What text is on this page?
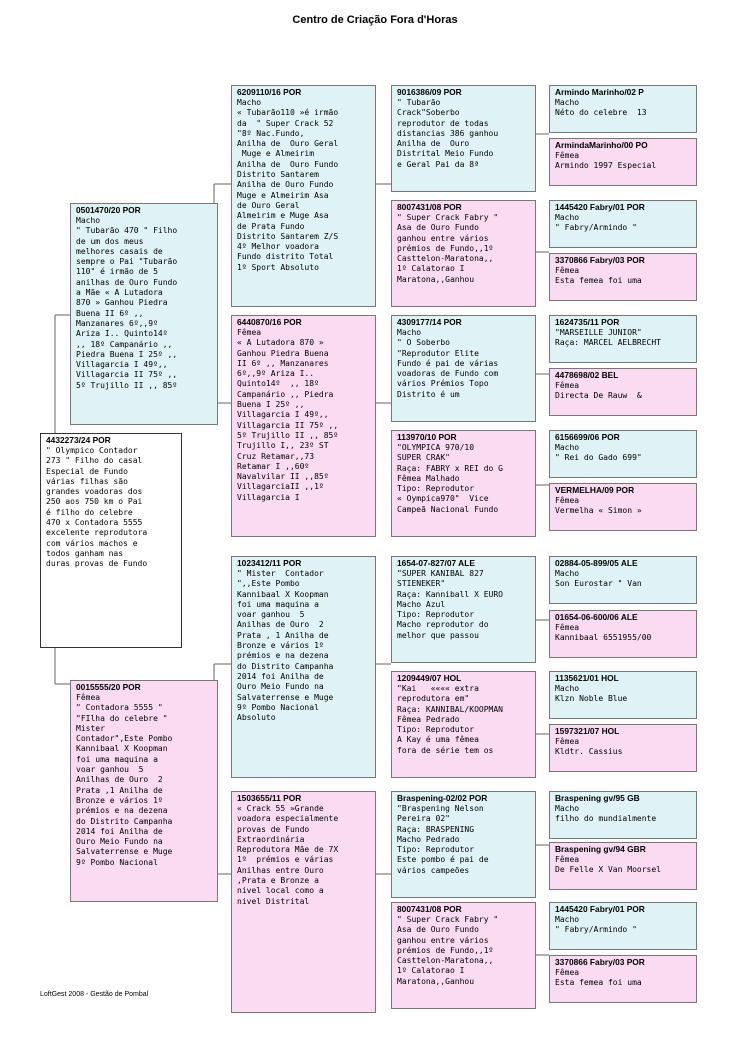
Centro de Criação Fora d'Horas
4432273/24 POR
" Olympico Contador
273 " Filho do casal
Especial de Fundo
várias filhas são
grandes voadoras dos
250 aos 750 km o Pai
é filho do celebre
470 x Contadora 5555
excelente reprodutora
com vários machos e
todos ganham nas
duras provas de Fundo
0501470/20 POR
Macho
" Tubarão 470 " Filho
de um dos meus
melhores casais de
sempre o Pai "Tubarão
110" é irmão de 5
anilhas de Ouro Fundo
a Mãe « A Lutadora
870 » Ganhou Piedra
Buena II 6º ,,
Manzanares 6º,,9º
Ariza I.. Quinto14º
,, 18º Campanário ,,
Piedra Buena I 25º ,,
Villagarcia I 49º,,
Villagarcia II 75º ,,
5º Trujillo II ,, 85º
0015555/20 POR
Fêmea
" Contadora 5555 "
"FIlha do celebre "
Mister
Contador",Este Pombo
Kannibaal X Koopman
foi uma maquina a
voar ganhou  5
Anilhas de Ouro  2
Prata ,1 Anilha de
Bronze e vários 1º
prémios e na dezena
do Distrito Campanha
2014 foi Anilha de
Ouro Meio Fundo na
Salvaterrense e Muge
9º Pombo Nacional
6209110/16 POR
Macho
« Tubarão110 »é irmão
da  " Super Crack 52
"8º Nac.Fundo,
Anilha de  Ouro Geral
Muge e Almeirim
Anilha de  Ouro Fundo
Distrito Santarem
Anilha de Ouro Fundo
Muge e Almeirim Asa
de Ouro Geral
Almeirim e Muge Asa
de Prata Fundo
Distrito Santarem Z/S
4º Melhor voadora
Fundo distrito Total
1º Sport Absoluto
6440870/16 POR
Fêmea
« A Lutadora 870 »
Ganhou Piedra Buena
II 6º ,, Manzanares
6º,,9º Ariza I..
Quinto14º  ,, 18º
Campanário ,, Piedra
Buena I 25º ,,
Villagarcia I 49º,,
Villagarcia II 75º ,,
5º Trujillo II ,, 85º
Trujillo I,, 23º ST
Cruz Retamar,,73
Retamar I ,,60º
Navalvilar II ,,85º
VillagarciaII ,,1º
Villagarcia I
1023412/11 POR
" Mister  Contador
",,Este Pombo
Kannibaal X Koopman
foi uma maquina a
voar ganhou  5
Anilhas de Ouro  2
Prata , 1 Anilha de
Bronze e vários 1º
prémios e na dezena
do Distrito Campanha
2014 foi Anilha de
Ouro Meio Fundo na
Salvaterrense e Muge
9º Pombo Nacional
Absoluto
1503655/11 POR
« Crack 55 »Grande
voadora especialmente
provas de Fundo
Extraordinária
Reprodutora Mãe de 7X
1º  prémios e várias
Anilhas entre Ouro
,Prata e Bronze a
nivel local como a
nivel Distrital
9016386/09 POR
" Tubarão
Crack"Soberbo
reprodutor de todas
distancias 386 ganhou
Anilha de  Ouro
Distrital Meio Fundo
e Geral Pai da 8ª
8007431/08 POR
" Super Crack Fabry "
Asa de Ouro Fundo
ganhou entre vários
prémios de Fundo,,1º
Casttelon-Maratona,,
1º Calatorao I
Maratona,,Ganhou
4309177/14 POR
Macho
" O Soberbo
"Reprodutor Elite
Fundo é pai de várias
voadoras de Fundo com
vários Prémios Topo
Distrito é um
113970/10 POR
"OLYMPICA 970/10
SUPER CRAK"
Raça: FABRY x REI do G
Fêmea Malhado
Tipo: Reprodutor
« Oympica970"  Vice
Campeã Nacional Fundo
1654-07-827/07 ALE
"SUPER KANIBAL 827
STIENEKER"
Raça: Kanniball X EURO
Macho Azul
Tipo: Reprodutor
Macho reprodutor do
melhor que passou
1209449/07 HOL
"Kai   «««« extra
reprodutora em"
Raça: KANNIBAL/KOOPMAN
Fêmea Pedrado
Tipo: Reprodutor
A Kay é uma fêmea
fora de série tem os
Braspening-02/02 POR
"Braspening Nelson
Pereira 02"
Raça: BRASPENING
Macho Pedrado
Tipo: Reprodutor
Este pombo é pai de
vários campeões
8007431/08 POR
" Super Crack Fabry "
Asa de Ouro Fundo
ganhou entre vários
prémios de Fundo,,1º
Casttelon-Maratona,,
1º Calatorao I
Maratona,,Ganhou
Armindo Marinho/02 P
Macho
Néto do celebre  13
ArmindaMarinho/00 PO
Fêmea
Armindo 1997 Especial
1445420 Fabry/01 POR
Macho
" Fabry/Armindo "
3370866 Fabry/03 POR
Fêmea
Esta femea foi uma
1624735/11 POR
"MARSEILLE JUNIOR"
Raça: MARCEL AELBRECHT
4478698/02 BEL
Fêmea
Directa De Rauw  &
6156699/06 POR
Macho
" Rei do Gado 699"
VERMELHA/09 POR
Fêmea
Vermelha « Simon »
02884-05-899/05 ALE
Macho
Son Eurostar " Van
01654-06-600/06 ALE
Fêmea
Kannibaal 6551955/00
1135621/01 HOL
Macho
Klzn Noble Blue
1597321/07 HOL
Fêmea
Kldtr. Cassius
Braspening gv/95 GB
Macho
filho do mundialmente
Braspening gv/94 GBR
Fêmea
De Felle X Van Moorsel
1445420 Fabry/01 POR
Macho
" Fabry/Armindo "
3370866 Fabry/03 POR
Fêmea
Esta femea foi uma
LoftGest 2008 - Gestão de Pombal
